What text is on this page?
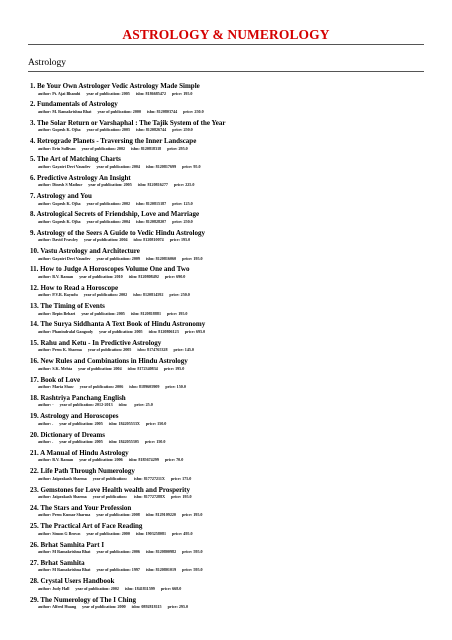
ASTROLOGY & NUMEROLOGY
Astrology
1. Be Your Own Astrologer Vedic Astrology Made Simple
author: Pt. Ajai Bhambi year of publication: 2005 isbn: 8186685472 price: 195.0
2. Fundamentals of Astrology
author: M. Ramakrishna Bhat year of publication: 2000 isbn: 8120803744 price: 250.0
3. The Solar Return or Varshaphal : The Tajik System of the Year
author: Gopesh K. Ojha year of publication: 2005 isbn: 8120826744 price: 250.0
4. Retrograde Planets - Traversing the Inner Landscape
author: Erin Sullivan year of publication: 2002 isbn: 8120818318 price: 295.0
5. The Art of Matching Charts
author: Gayatri Devi Vasudev year of publication: 2004 isbn: 8120817699 price: 95.0
6. Predictive Astrology An Insight
author: Dinesh S Mathur year of publication: 2005 isbn: 8120816277 price: 225.0
7. Astrology and You
author: Gopesh K. Ojha year of publication: 2002 isbn: 8120815187 price: 125.0
8. Astrological Secrets of Friendship, Love and Marriage
author: Gopesh K. Ojha year of publication: 2004 isbn: 8120828207 price: 250.0
9. Astrology of the Seers A Guide to Vedic Hindu Astrology
author: David Frawley year of publication: 2004 isbn: 8120810074 price: 195.0
10. Vastu Astrology and Architecture
author: Gayatri Devi Vasudev year of publication: 2009 isbn: 8120816060 price: 195.0
11. How to Judge A Horoscopes Volume One and Two
author: B.V. Raman year of publication: 2010 isbn: 8120808492 price: 690.0
12. How to Read a Horoscope
author: P.V.R. Rayudu year of publication: 2002 isbn: 8120814592 price: 250.0
13. The Timing of Events
author: Bepin Behari year of publication: 2005 isbn: 8120818881 price: 195.0
14. The Surya Siddhanta A Text Book of Hindu Astronomy
author: Phanindralal Gangooly year of publication: 2005 isbn: 8120806123 price: 695.0
15. Rahu and Ketu - In Predictive Astrology
author: Prem K. Sharma year of publication: 2005 isbn: 8174765328 price: 145.0
16. New Rules and Combinations in Hindu Astrology
author: S.K. Mehta year of publication: 2004 isbn: 8172340834 price: 195.0
17. Book of Love
author: Maria Shaw year of publication: 2006 isbn: 8189605909 price: 150.0
18. Rashtriya Panchang English
author: - year of publication: 2012-2013 isbn: price: 25.0
19. Astrology and Horoscopes
author: . year of publication: 2005 isbn: 184205533X price: 150.0
20. Dictionary of Dreams
author: . year of publication: 2005 isbn: 1842055305 price: 150.0
21. A Manual of Hindu Astrology
author: B.V. Raman year of publication: 2006 isbn: 8185674299 price: 70.0
22. Life Path Through Numerology
author: Jaiprakash Sharma year of publication: isbn: 817727211X price: 175.0
23. Gemstones for Love Health wealth and Prosperity
author: Jaiprakash Sharma year of publication: isbn: 817727288X price: 195.0
24. The Stars and Your Profession
author: Prem Kumar Sharma year of publication: 2008 isbn: 8129109220 price: 195.0
25. The Practical Art of Face Reading
author: Simon G Brown year of publication: 2000 isbn: 1903258081 price: 495.0
26. Brhat Samhita Part I
author: M Ramakrishna Bhat year of publication: 2006 isbn: 8120800982 price: 595.0
27. Brhat Samhita
author: M Ramakrishna Bhat year of publication: 1997 isbn: 8120801019 price: 595.0
28. Crystal Users Handbook
author: Judy Hall year of publication: 2002 isbn: 1841811599 price: 668.0
29. The Numerology of The I Ching
author: Alfred Huang year of publication: 2000 isbn: 0892818115 price: 295.0
